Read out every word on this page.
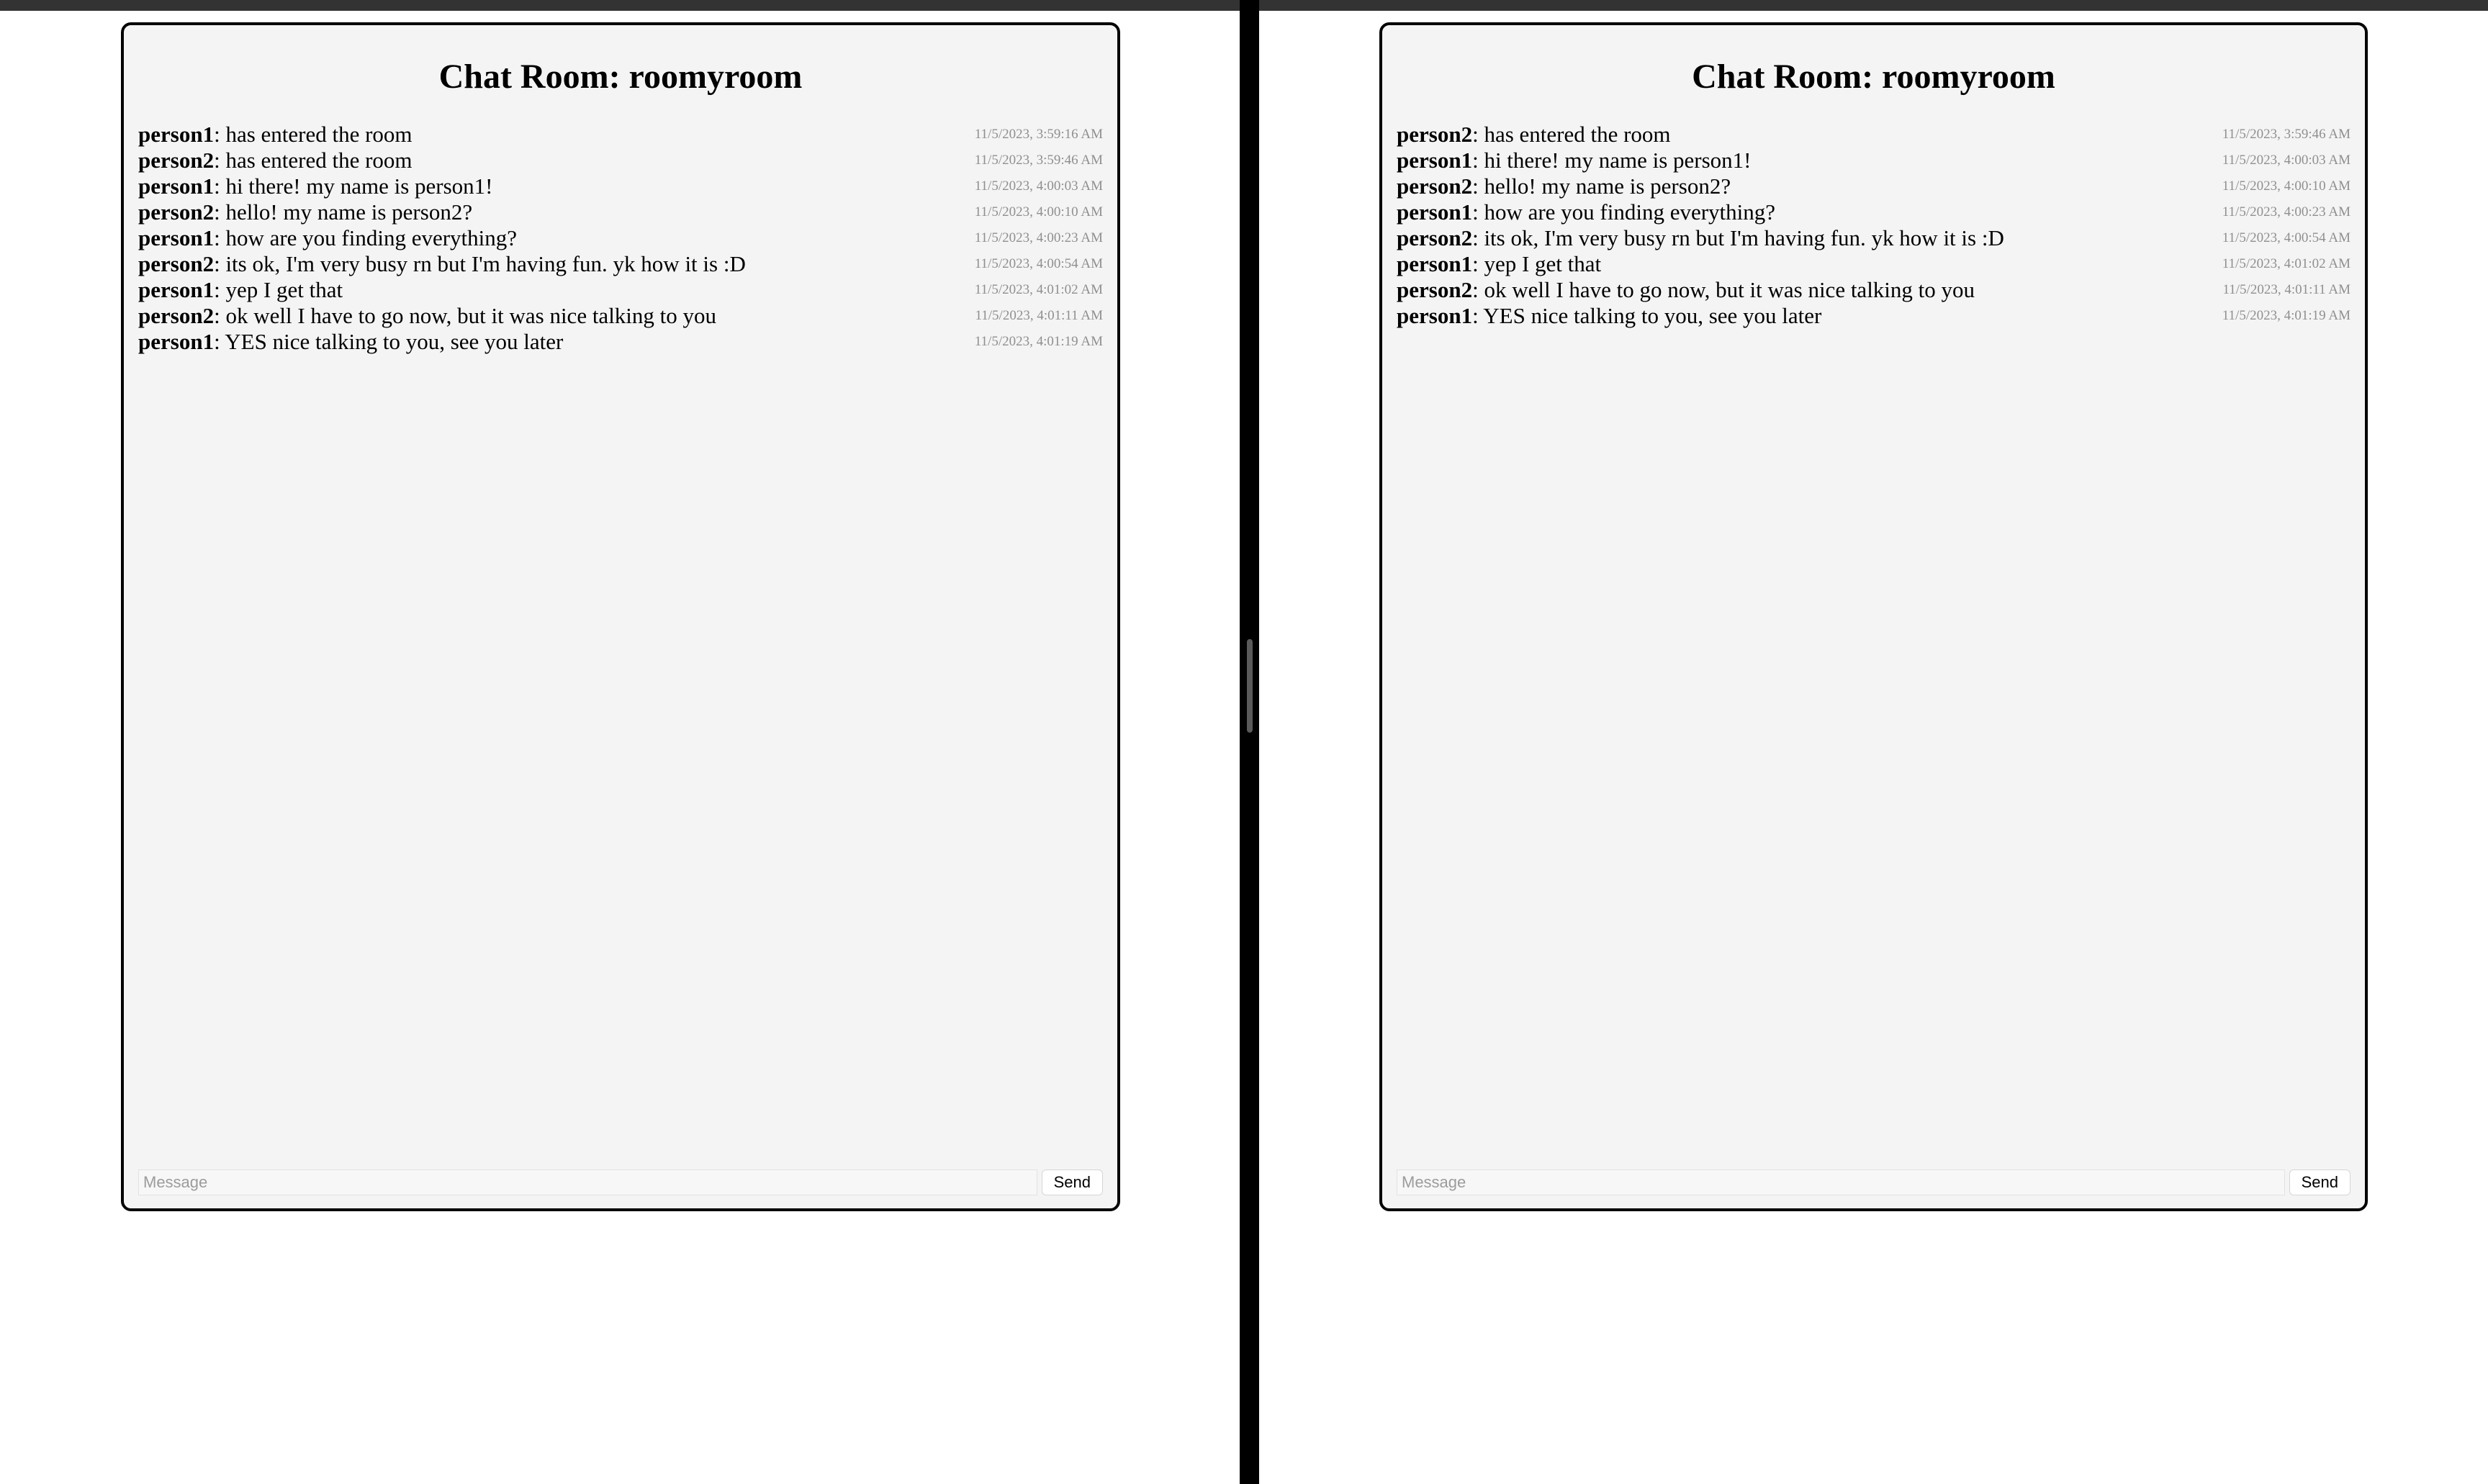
Chat Room: roomyroom
person1: has entered the room	11/5/2023, 3:59:16 AM
person2: has entered the room	11/5/2023, 3:59:46 AM
person1: hi there! my name is person1!	11/5/2023, 4:00:03 AM
person2: hello! my name is person2?	11/5/2023, 4:00:10 AM
person1: how are you finding everything?	11/5/2023, 4:00:23 AM
person2: its ok, I'm very busy rn but I'm having fun. yk how it is :D	11/5/2023, 4:00:54 AM
person1: yep I get that	11/5/2023, 4:01:02 AM
person2: ok well I have to go now, but it was nice talking to you	11/5/2023, 4:01:11 AM
person1: YES nice talking to you, see you later	11/5/2023, 4:01:19 AM
Message
Send
Chat Room: roomyroom
person2: has entered the room	11/5/2023, 3:59:46 AM
person1: hi there! my name is person1!	11/5/2023, 4:00:03 AM
person2: hello! my name is person2?	11/5/2023, 4:00:10 AM
person1: how are you finding everything?	11/5/2023, 4:00:23 AM
person2: its ok, I'm very busy rn but I'm having fun. yk how it is :D	11/5/2023, 4:00:54 AM
person1: yep I get that	11/5/2023, 4:01:02 AM
person2: ok well I have to go now, but it was nice talking to you	11/5/2023, 4:01:11 AM
person1: YES nice talking to you, see you later	11/5/2023, 4:01:19 AM
Message
Send
